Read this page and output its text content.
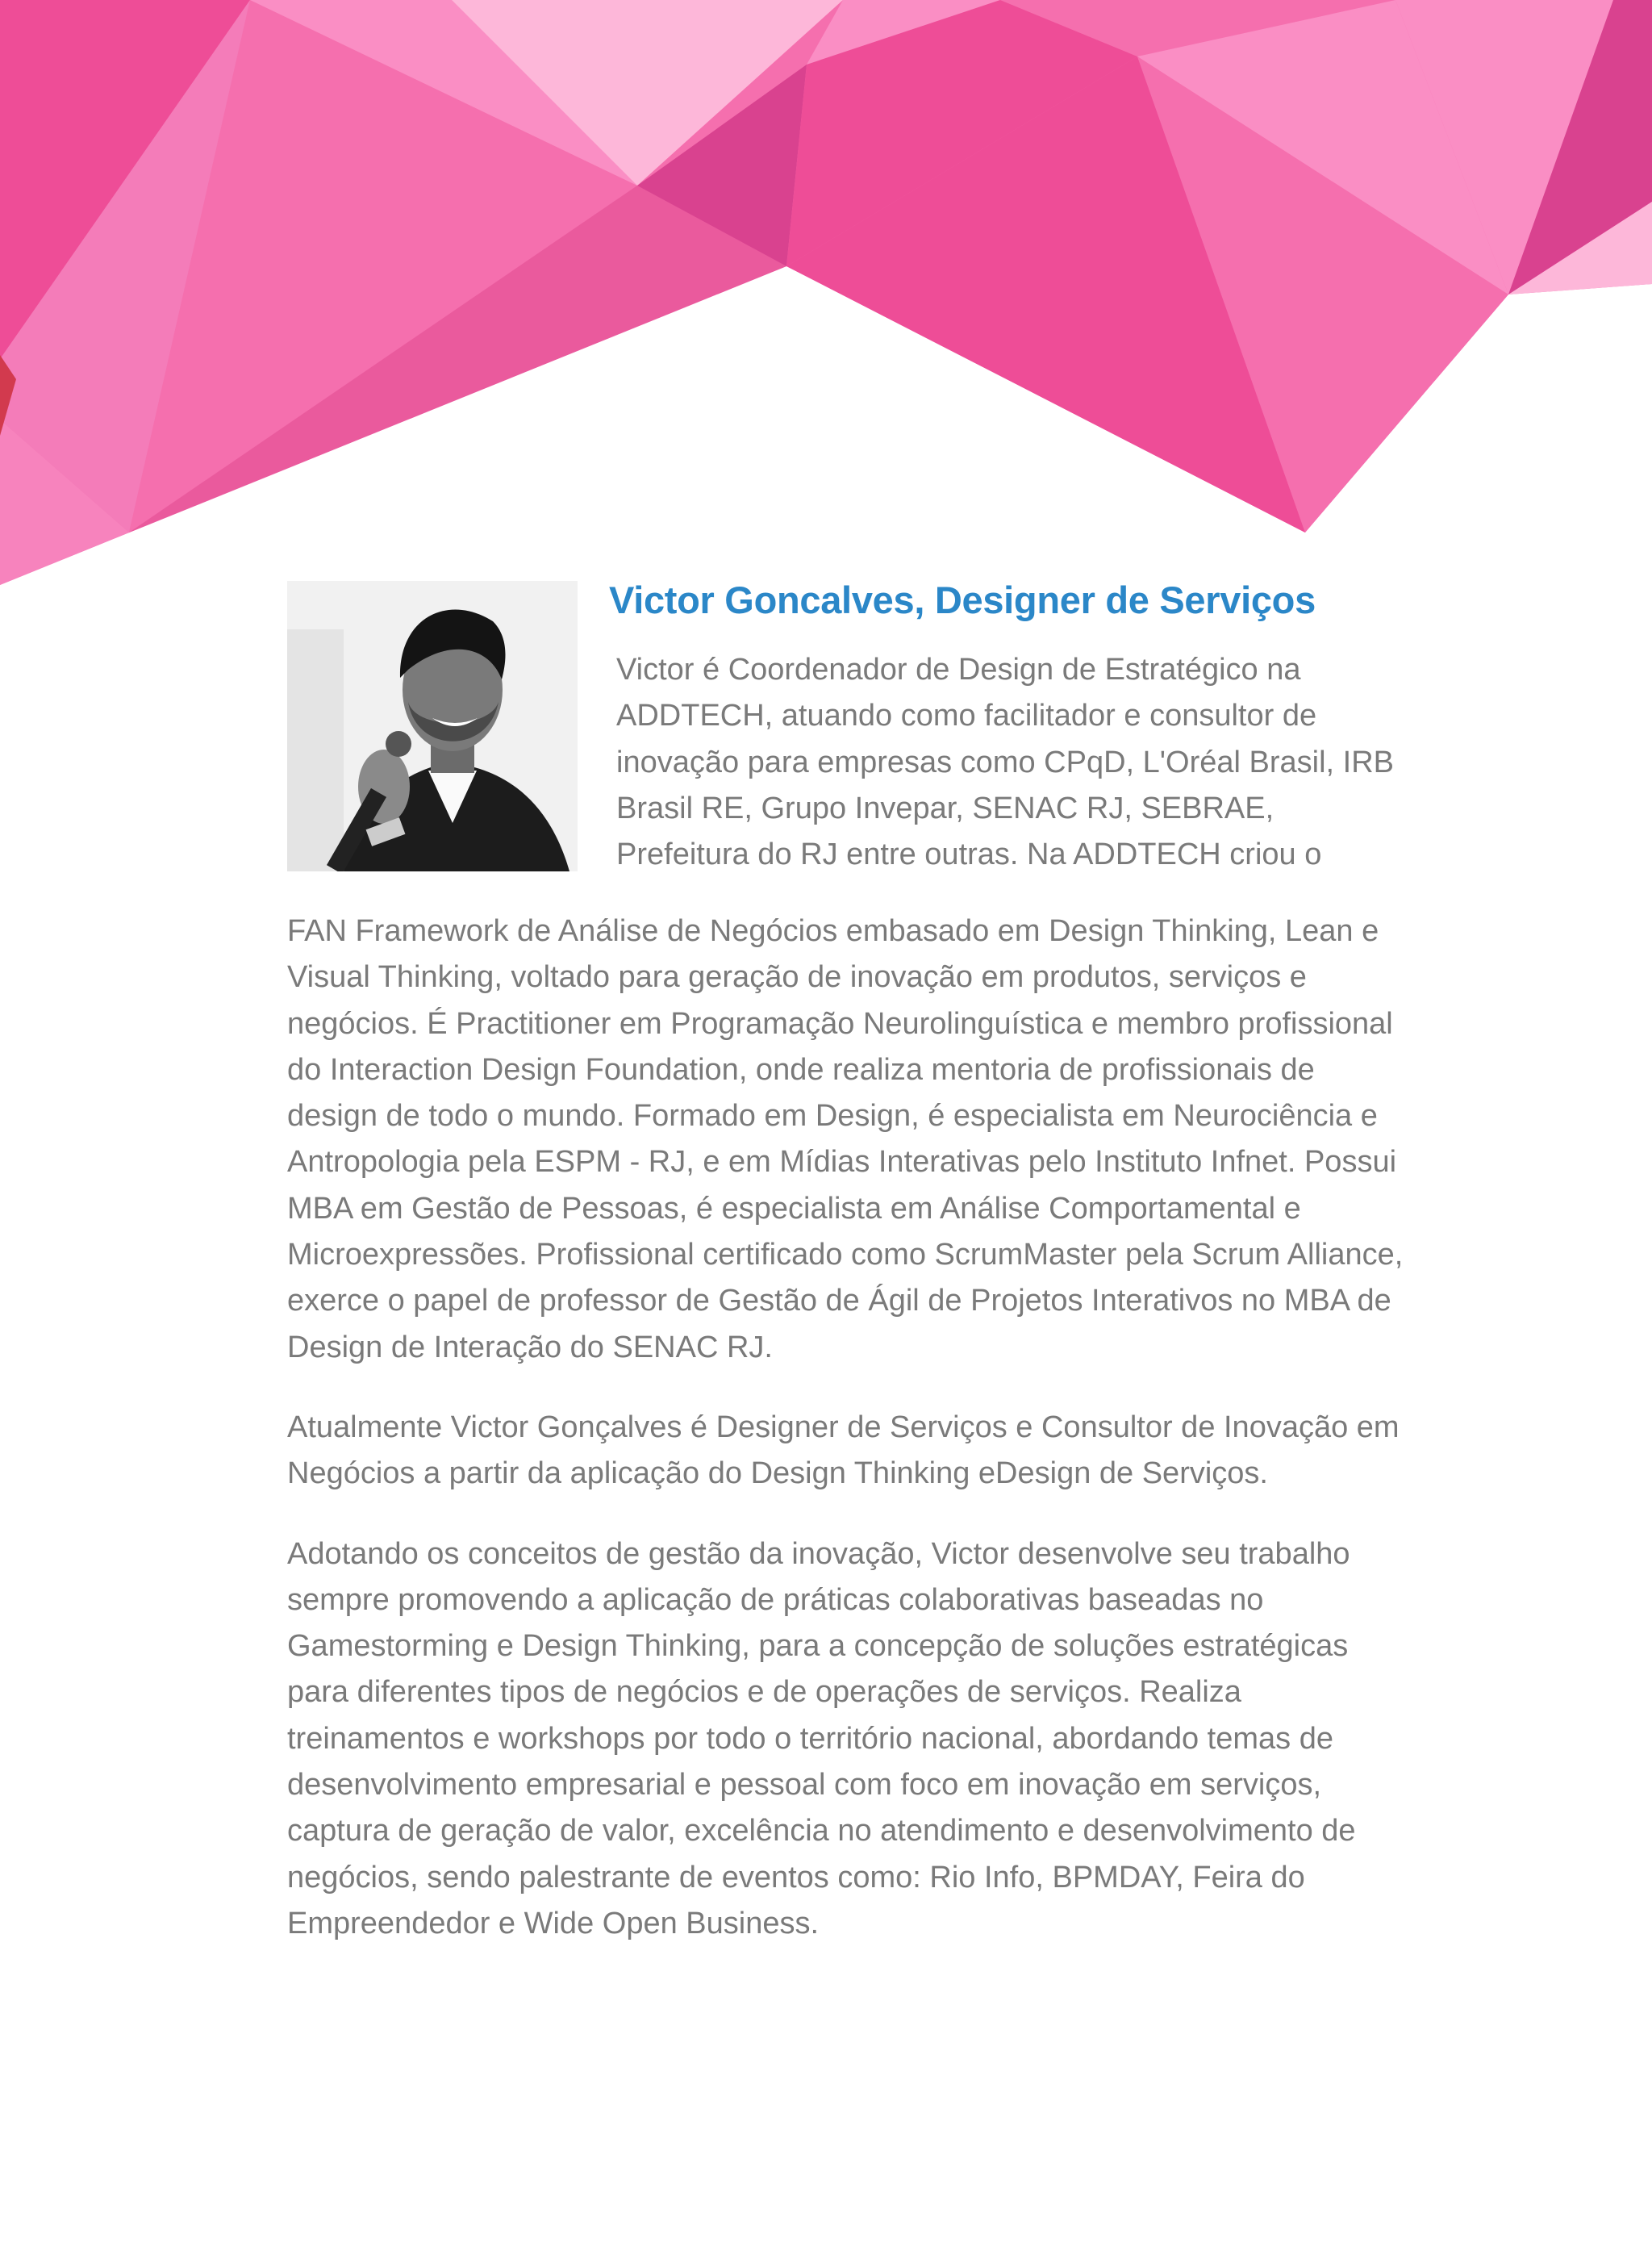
Victor Goncalves, Designer de Serviços

Victor é Coordenador de Design de Estratégico na ADDTECH, atuando como facilitador e consultor de inovação para empresas como CPqD, L'Oréal Brasil, IRB Brasil RE, Grupo Invepar, SENAC RJ, SEBRAE, Prefeitura do RJ entre outras. Na ADDTECH criou o

FAN Framework de Análise de Negócios embasado em Design Thinking, Lean e Visual Thinking, voltado para geração de inovação em produtos, serviços e negócios. É Practitioner em Programação Neurolinguística e membro profissional do Interaction Design Foundation, onde realiza mentoria de profissionais de design de todo o mundo. Formado em Design, é especialista em Neurociência e Antropologia pela ESPM - RJ, e em Mídias Interativas pelo Instituto Infnet. Possui MBA em Gestão de Pessoas, é especialista em Análise Comportamental e Microexpressões. Profissional certificado como ScrumMaster pela Scrum Alliance, exerce o papel de professor de Gestão de Ágil de Projetos Interativos no MBA de Design de Interação do SENAC RJ.

Atualmente Victor Gonçalves é Designer de Serviços e Consultor de Inovação em Negócios a partir da aplicação do Design Thinking eDesign de Serviços.

Adotando os conceitos de gestão da inovação, Victor desenvolve seu trabalho sempre promovendo a aplicação de práticas colaborativas baseadas no Gamestorming e Design Thinking, para a concepção de soluções estratégicas para diferentes tipos de negócios e de operações de serviços. Realiza treinamentos e workshops por todo o território nacional, abordando temas de desenvolvimento empresarial e pessoal com foco em inovação em serviços, captura de geração de valor, excelência no atendimento e desenvolvimento de negócios, sendo palestrante de eventos como: Rio Info, BPMDAY, Feira do Empreendedor e Wide Open Business.
